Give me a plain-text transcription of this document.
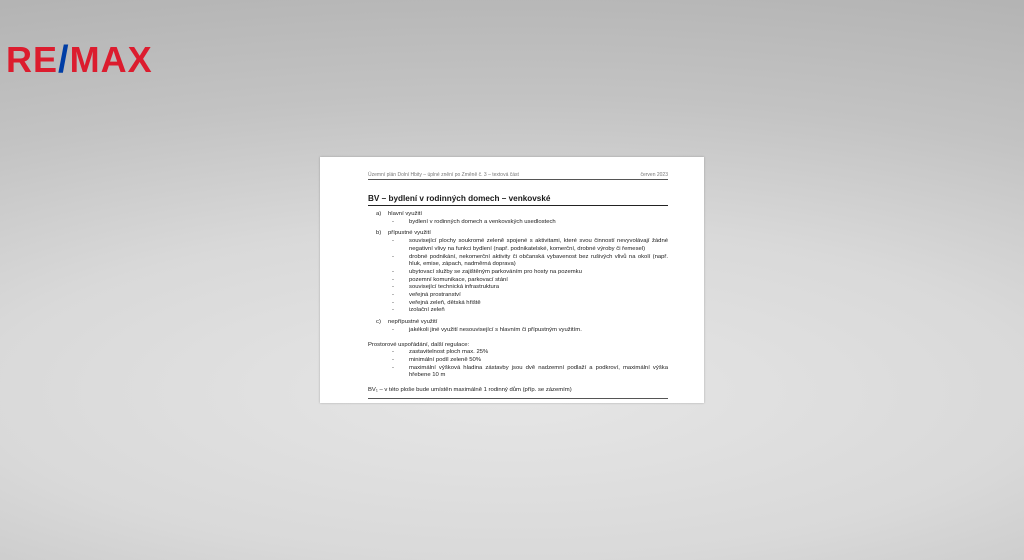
RE/MAX
Územní plán Dolní Hbity – úplné znění po Změně č. 3 – textová část	červen 2023
BV – bydlení v rodinných domech – venkovské
a) hlavní využití
-	bydlení v rodinných domech a venkovských usedlostech
b) přípustné využití
-	související plochy soukromé zeleně spojené s aktivitami, které svou činností nevyvolávají žádné negativní vlivy na funkci bydlení (např. podnikatelské, komerční, drobné výroby či řemesel)
-	drobné podnikání, nekomerční aktivity či občanská vybavenost bez rušivých vlivů na okolí (např. hluk, emise, zápach, nadměrná doprava)
-	ubytovací služby se zajištěným parkováním pro hosty na pozemku
-	pozemní komunikace, parkovací stání
-	související technická infrastruktura
-	veřejná prostranství
-	veřejná zeleň, dětská hřiště
-	izolační zeleň
c) nepřípustné využití
-	jakékoli jiné využití nesouvisející s hlavním či přípustným využitím.
Prostorové uspořádání, další regulace:
-	zastavitelnost ploch max. 25%
-	minimální podíl zeleně 50%
-	maximální výšková hladina zástavby jsou dvě nadzemní podlaží a podkroví, maximální výška hřebene 10 m
BV₁ – v této ploše bude umístěn maximálně 1 rodinný dům (příp. se zázemím)
